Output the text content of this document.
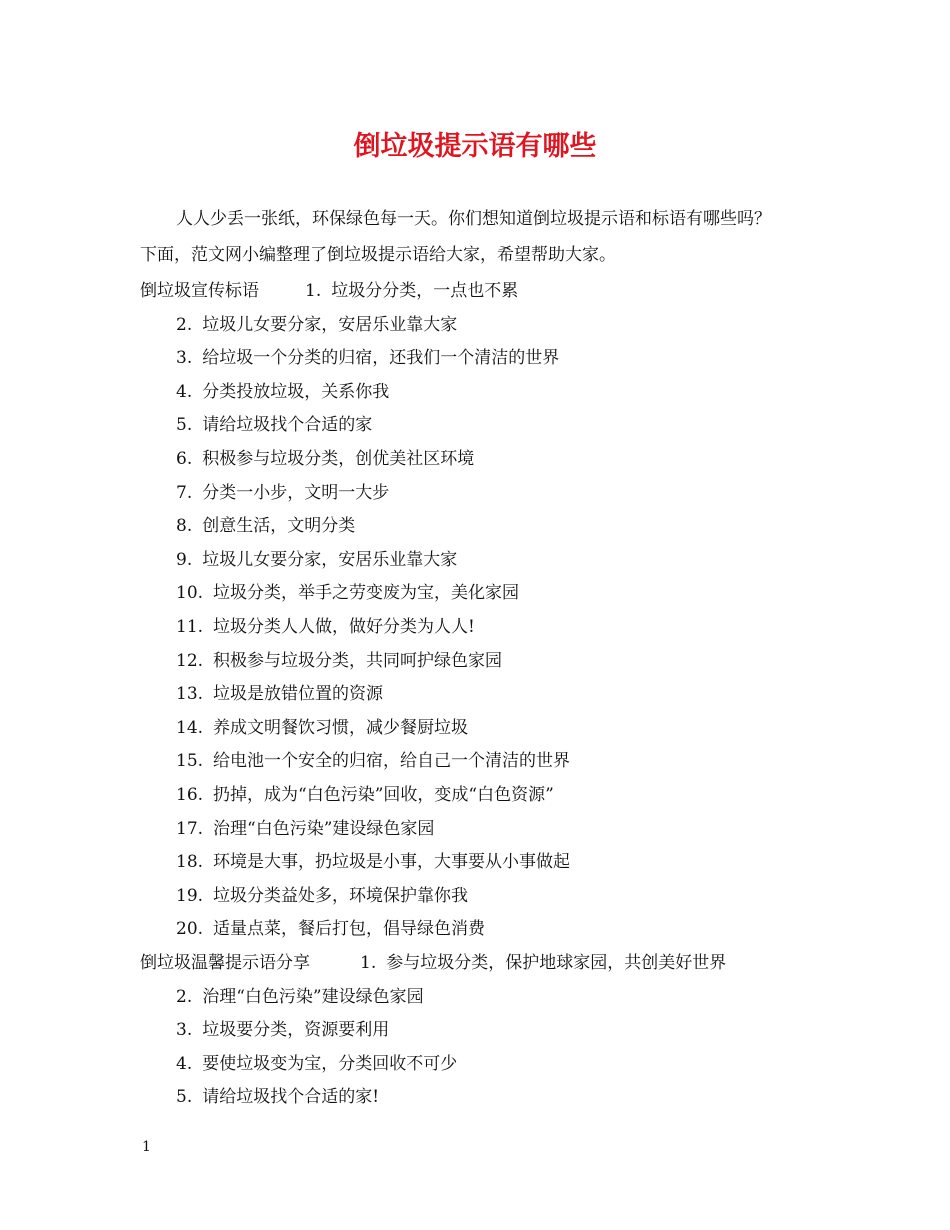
倒垃圾提示语有哪些
人人少丢一张纸，环保绿色每一天。你们想知道倒垃圾提示语和标语有哪些吗？
下面，范文网小编整理了倒垃圾提示语给大家，希望帮助大家。
倒垃圾宣传标语	1. 垃圾分分类，一点也不累
2. 垃圾儿女要分家，安居乐业靠大家
3. 给垃圾一个分类的归宿，还我们一个清洁的世界
4. 分类投放垃圾，关系你我
5. 请给垃圾找个合适的家
6. 积极参与垃圾分类，创优美社区环境
7. 分类一小步，文明一大步
8. 创意生活，文明分类
9. 垃圾儿女要分家，安居乐业靠大家
10. 垃圾分类，举手之劳变废为宝，美化家园
11. 垃圾分类人人做，做好分类为人人!
12. 积极参与垃圾分类，共同呵护绿色家园
13. 垃圾是放错位置的资源
14. 养成文明餐饮习惯，减少餐厨垃圾
15. 给电池一个安全的归宿，给自己一个清洁的世界
16. 扔掉，成为“白色污染”回收，变成“白色资源”
17. 治理“白色污染”建设绿色家园
18. 环境是大事，扔垃圾是小事，大事要从小事做起
19. 垃圾分类益处多，环境保护靠你我
20. 适量点菜，餐后打包，倡导绿色消费
倒垃圾温馨提示语分享	1. 参与垃圾分类，保护地球家园，共创美好世界
2. 治理“白色污染”建设绿色家园
3. 垃圾要分类，资源要利用
4. 要使垃圾变为宝，分类回收不可少
5. 请给垃圾找个合适的家!
1
